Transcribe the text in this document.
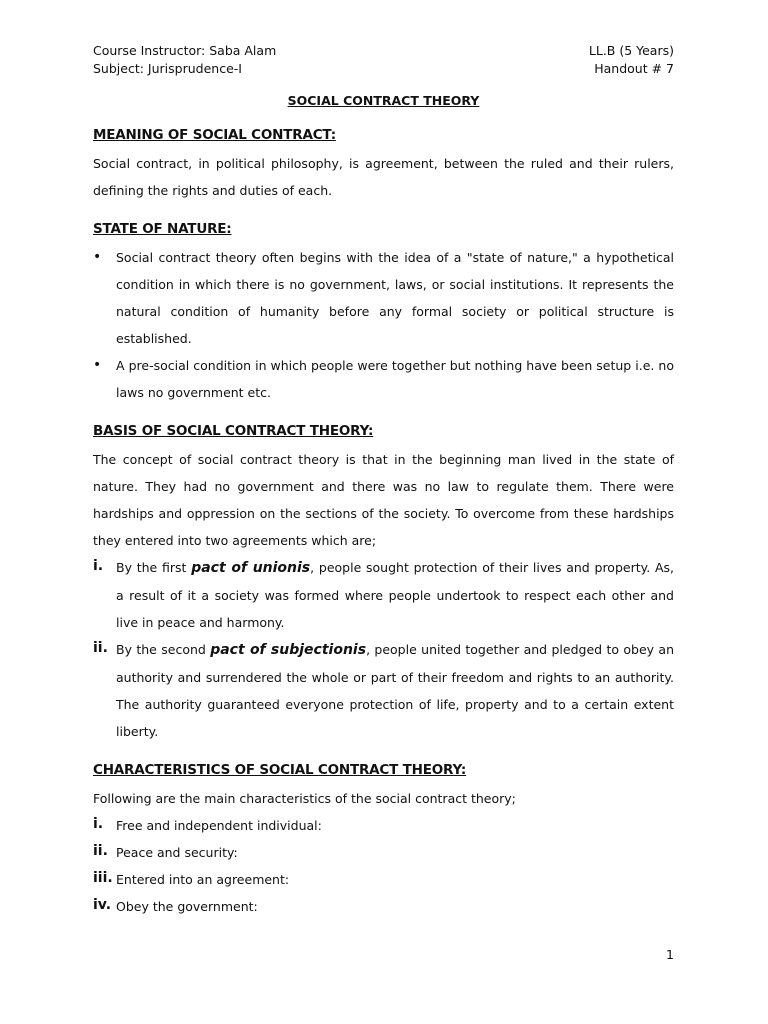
Course Instructor: Saba Alam	LL.B (5 Years)
Subject: Jurisprudence-I	Handout # 7
SOCIAL CONTRACT THEORY
MEANING OF SOCIAL CONTRACT:

Social contract, in political philosophy, is agreement, between the ruled and their rulers, defining the rights and duties of each.

STATE OF NATURE:
• Social contract theory often begins with the idea of a "state of nature," a hypothetical condition in which there is no government, laws, or social institutions. It represents the natural condition of humanity before any formal society or political structure is established.
• A pre-social condition in which people were together but nothing have been setup i.e. no laws no government etc.
BASIS OF SOCIAL CONTRACT THEORY:

The concept of social contract theory is that in the beginning man lived in the state of nature. They had no government and there was no law to regulate them. There were hardships and oppression on the sections of the society. To overcome from these hardships they entered into two agreements which are;

i. By the first pact of unionis, people sought protection of their lives and property. As, a result of it a society was formed where people undertook to respect each other and live in peace and harmony.
ii. By the second pact of subjectionis, people united together and pledged to obey an authority and surrendered the whole or part of their freedom and rights to an authority. The authority guaranteed everyone protection of life, property and to a certain extent liberty.
CHARACTERISTICS OF SOCIAL CONTRACT THEORY:

Following are the main characteristics of the social contract theory;

i. Free and independent individual:
ii. Peace and security:
iii. Entered into an agreement:
iv. Obey the government:
1
